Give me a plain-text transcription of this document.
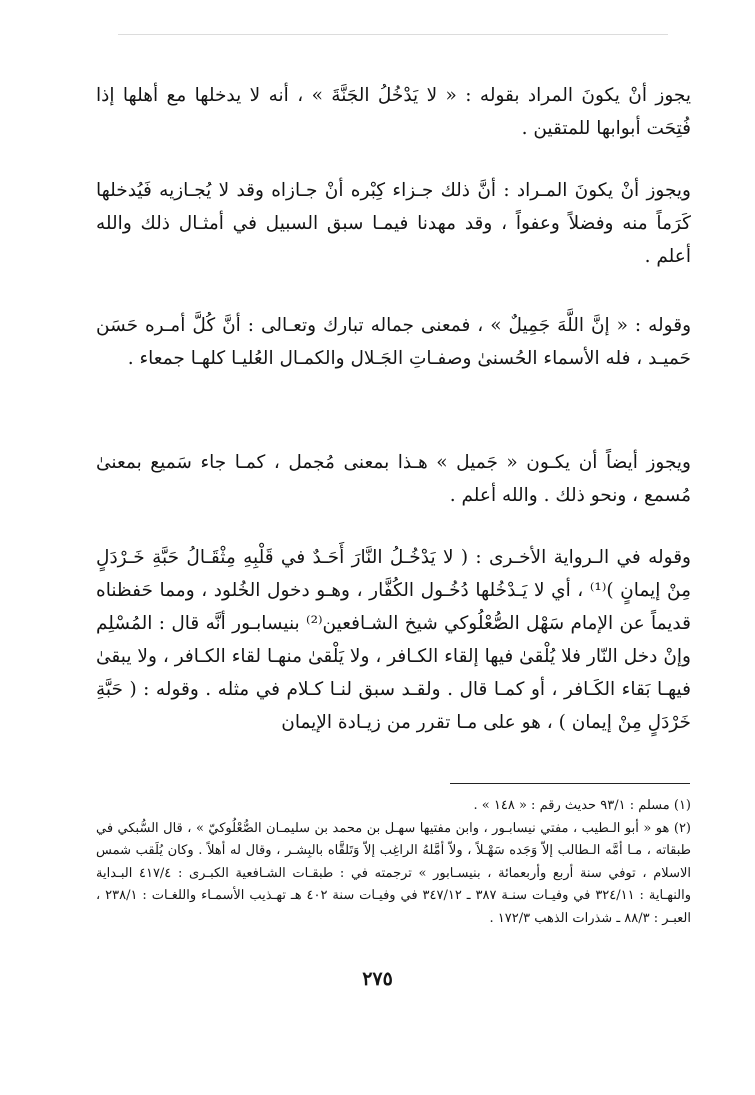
يجوز أنْ يكونَ المراد بقوله : « لا يَدْخُلُ الجَنَّةَ » ، أنه لا يدخلها مع أهلها إذا فُتِحَت أبوابها للمتقين .

ويجوز أنْ يكونَ المـراد : أنَّ ذلك جـزاء كِبْره أنْ جـازاه وقد لا يُجـازيه فَيُدخلها كَرَماً منه وفضلاً وعفواً ، وقد مهدنا فيمـا سبق السبيل في أمثـال ذلك والله أعلم .

وقوله : « إنَّ اللَّهَ جَمِيلٌ » ، فمعنى جماله تبارك وتعـالى : أنَّ كُلَّ أمـره حَسَن حَميـد ، فله الأسماء الحُسنىٰ وصفـاتِ الجَـلال والكمـال العُليـا كلهـا جمعاء .

ويجوز أيضاً أن يكـون « جَميل » هـذا بمعنى مُجمل ، كمـا جاء سَميع بمعنىٰ مُسمع ، ونحو ذلك . والله أعلم .

وقوله في الـرواية الأخـرى : ( لا يَدْخُـلُ النَّارَ أَحَـدٌ في قَلْبِهِ مِثْقَـالُ حَبَّةِ خَـرْدَلٍ مِنْ إيمانٍ )⁽¹⁾ ، أي لا يَـدْخُلها دُخُـول الكُفَّار ، وهـو دخول الخُلود ، ومما حَفظناه قديماً عن الإمام سَهْل الصُّعْلُوكي شيخ الشـافعين⁽²⁾ بنيسابـور أنَّه قال : المُسْلِم وإنْ دخل النّار فلا يُلْقىٰ فيها إلقاء الكـافر ، ولا يَلْقىٰ منهـا لقاء الكـافر ، ولا يبقىٰ فيهـا بَقاء الكَـافر ، أو كمـا قال . ولقـد سبق لنـا كـلام في مثله . وقوله : ( حَبَّةِ خَرْدَلٍ مِنْ إيمان ) ، هو على مـا تقرر من زيـادة الإيمان

(١) مسلم : ٩٣/١ حديث رقم : « ١٤٨ » .

(٢) هو « أبو الـطيب ، مفتي نيسابـور ، وابن مفتيها سهـل بن محمد بن سليمـان الصُّعْلُوكيّ » ، قال السُّبكي في طبقاته ، مـا أمَّه الـطالب إلاّ وَجَده سَهْـلاً ، ولاّ أمَّلهُ الراغِب إلاّ وَتَلقَّاه بالبِشـر ، وقال له أهلاً . وكان يُلَقب شمس الاسلام ، توفي سنة أربع وأربعمائة ، بنيسـابور » ترجمته في : طبقـات الشـافعية الكبـرى : ٤١٧/٤ البـداية والنهـاية : ٣٢٤/١١ في وفيـات سنـة ٣٨٧ ـ ٣٤٧/١٢ في وفيـات سنة ٤٠٢ هـ تهـذيب الأسمـاء واللغـات : ٢٣٨/١ ، العبـر : ٨٨/٣ ـ شذرات الذهب ١٧٢/٣ .

٢٧٥
